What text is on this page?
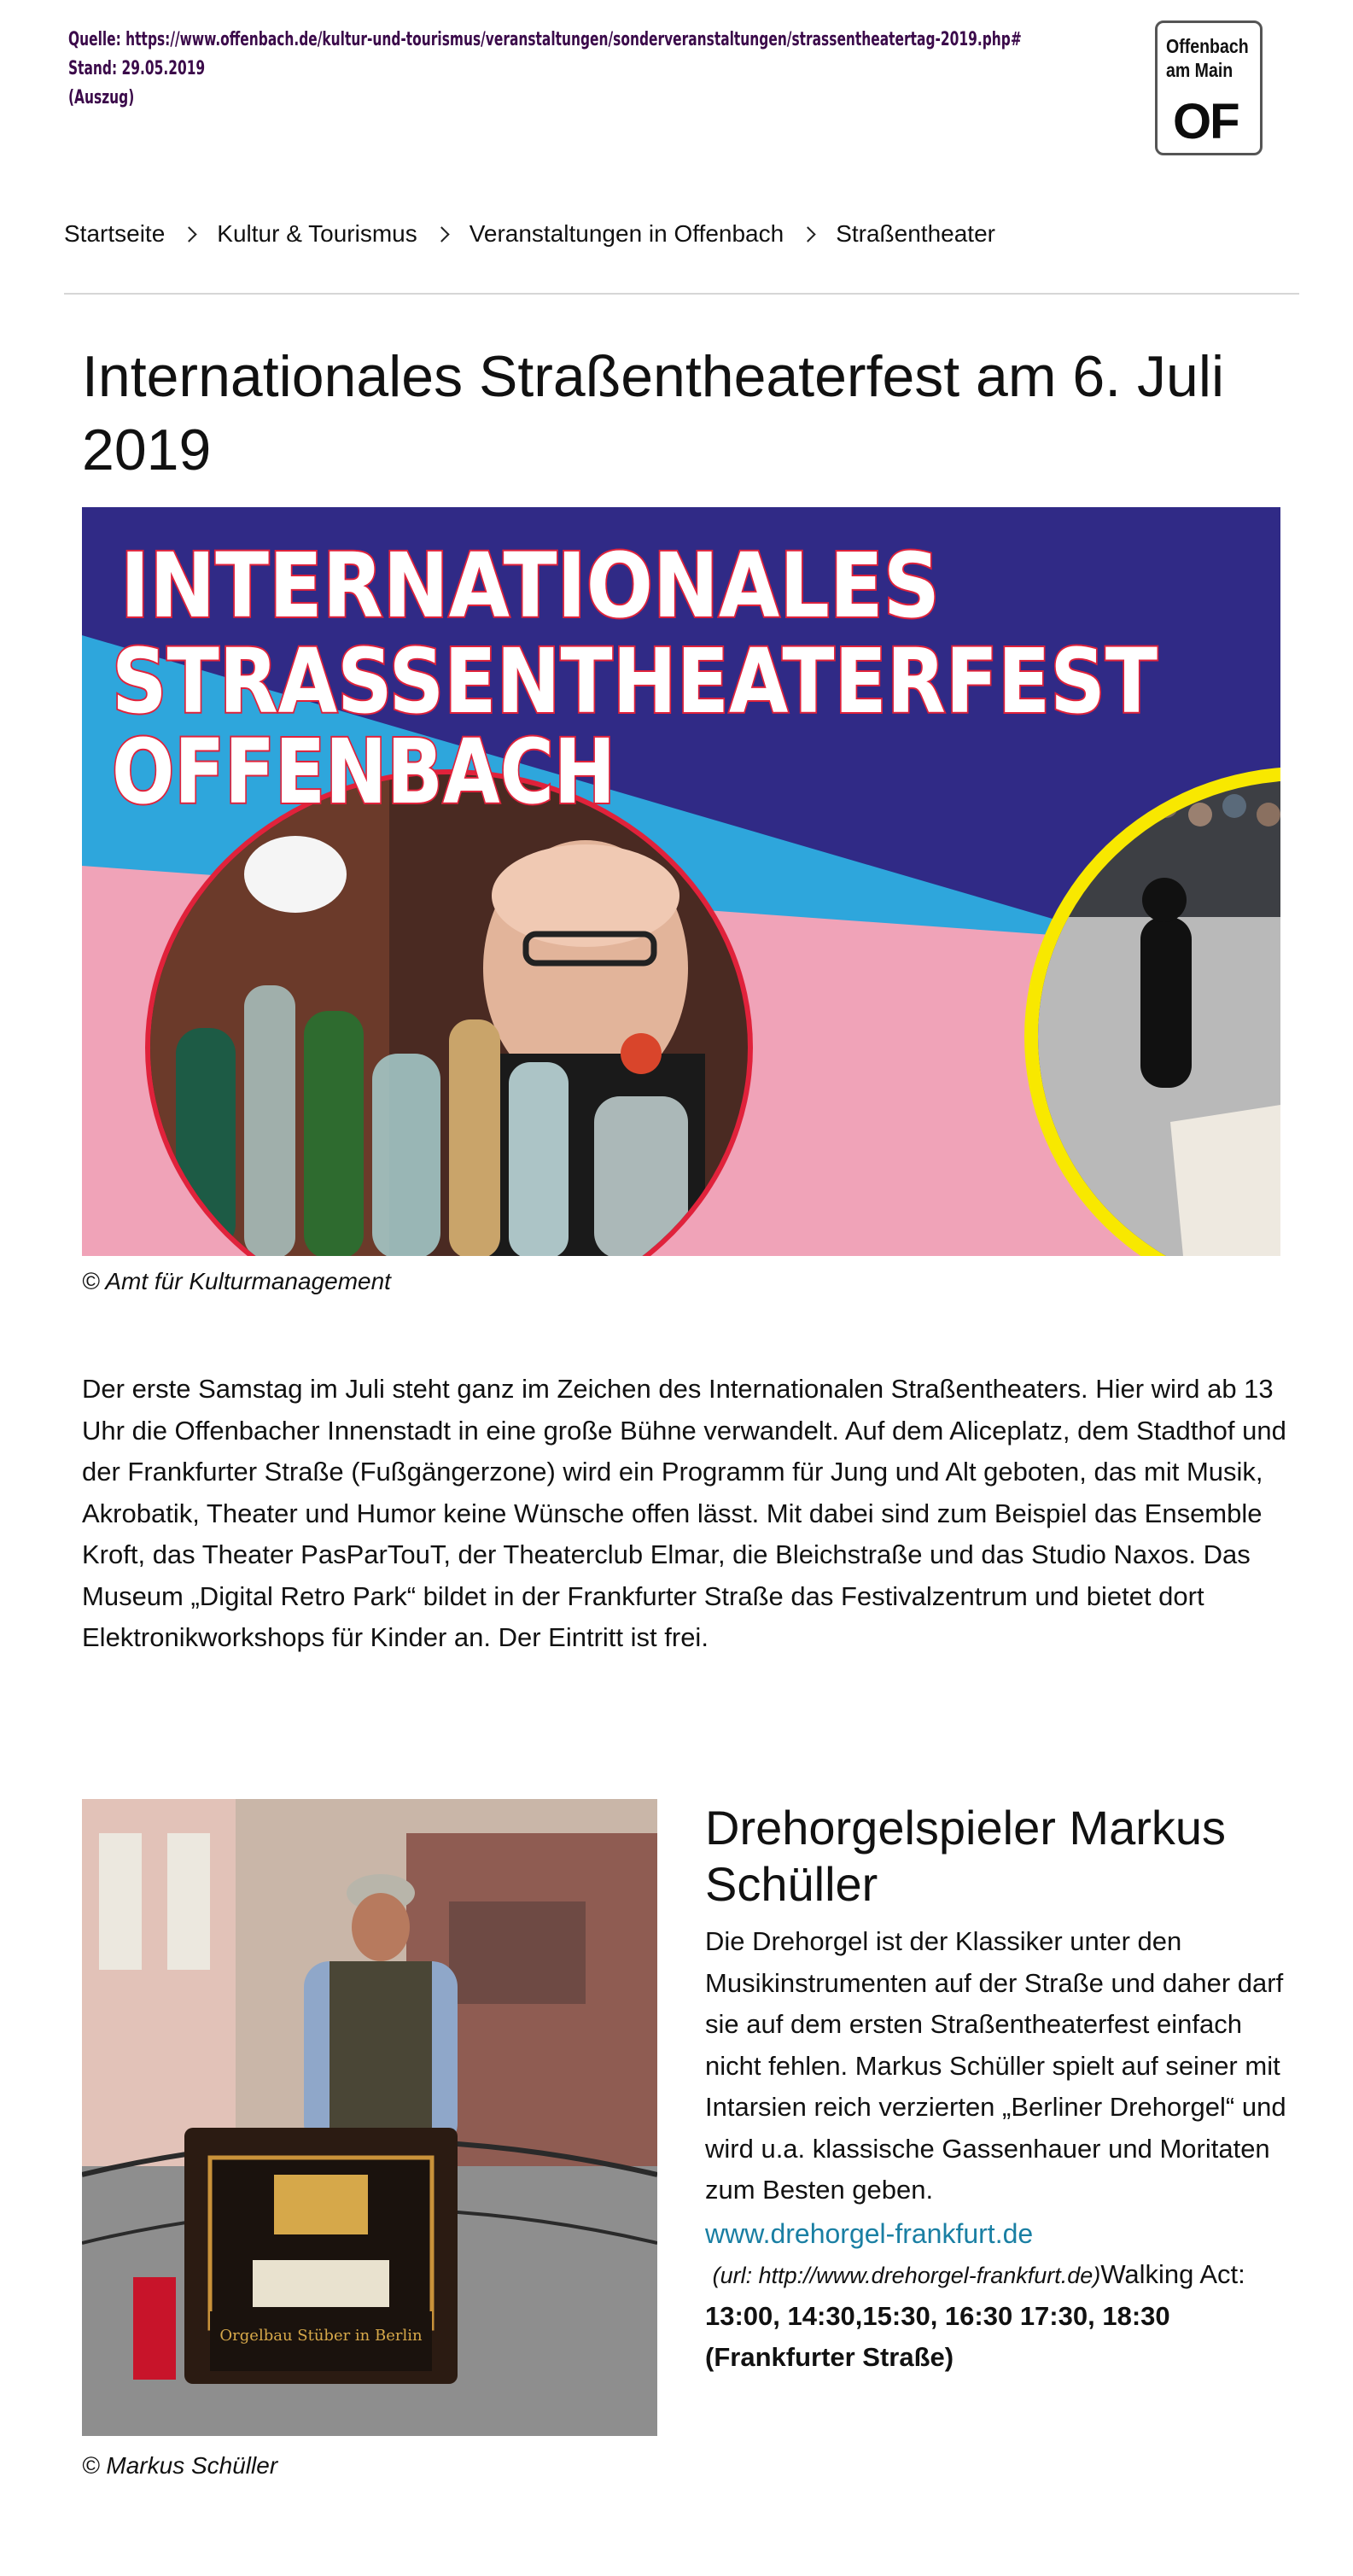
Quelle: https://www.offenbach.de/kultur-und-tourismus/veranstaltungen/sonderveranstaltungen/strassentheatertag-2019.php#
Stand: 29.05.2019
(Auszug)
Offenbach
am Main
OF
Startseite Kultur & Tourismus Veranstaltungen in Offenbach Straßentheater
Internationales Straßentheaterfest am 6. Juli 2019
INTERNATIONALES
STRASSENTHEATERFEST
OFFENBACH
© Amt für Kulturmanagement

Der erste Samstag im Juli steht ganz im Zeichen des Internationalen Straßentheaters. Hier wird ab 13 Uhr die Offenbacher Innenstadt in eine große Bühne verwandelt. Auf dem Aliceplatz, dem Stadthof und der Frankfurter Straße (Fußgängerzone) wird ein Programm für Jung und Alt geboten, das mit Musik, Akrobatik, Theater und Humor keine Wünsche offen lässt. Mit dabei sind zum Beispiel das Ensemble Kroft, das Theater PasParTouT, der Theaterclub Elmar, die Bleichstraße und das Studio Naxos. Das Museum „Digital Retro Park“ bildet in der Frankfurter Straße das Festivalzentrum und bietet dort Elektronikworkshops für Kinder an. Der Eintritt ist frei.

Orgelbau Stüber in Berlin
© Markus Schüller
Drehorgelspieler Markus Schüller

Die Drehorgel ist der Klassiker unter den Musikinstrumenten auf der Straße und daher darf sie auf dem ersten Straßentheaterfest einfach nicht fehlen. Markus Schüller spielt auf seiner mit Intarsien reich verzierten „Berliner Drehorgel“ und wird u.a. klassische Gassenhauer und Moritaten zum Besten geben.

www.drehorgel-frankfurt.de
(url: http://www.drehorgel-frankfurt.de)Walking Act:
13:00, 14:30,15:30, 16:30 17:30, 18:30 (Frankfurter Straße)
